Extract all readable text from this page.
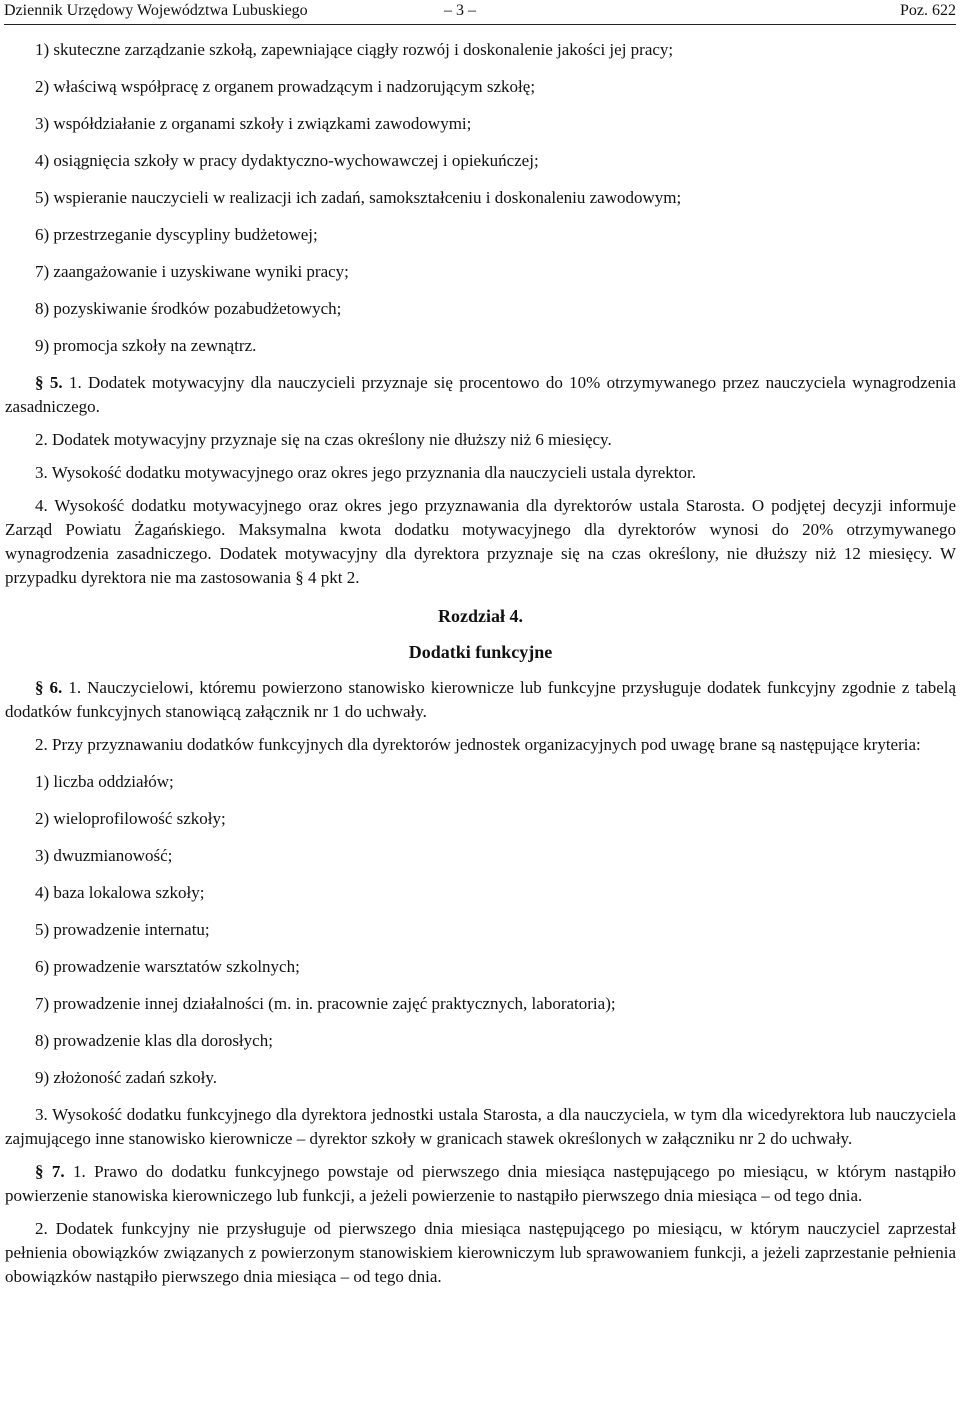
Dziennik Urzędowy Województwa Lubuskiego	– 3 –	Poz. 622

1) skuteczne zarządzanie szkołą, zapewniające ciągły rozwój i doskonalenie jakości jej pracy;

2) właściwą współpracę z organem prowadzącym i nadzorującym szkołę;

3) współdziałanie z organami szkoły i związkami zawodowymi;

4) osiągnięcia szkoły w pracy dydaktyczno-wychowawczej i opiekuńczej;

5) wspieranie nauczycieli w realizacji ich zadań, samokształceniu i doskonaleniu zawodowym;

6) przestrzeganie dyscypliny budżetowej;

7) zaangażowanie i uzyskiwane wyniki pracy;

8) pozyskiwanie środków pozabudżetowych;

9) promocja szkoły na zewnątrz.

§ 5. 1. Dodatek motywacyjny dla nauczycieli przyznaje się procentowo do 10% otrzymywanego przez nauczyciela wynagrodzenia zasadniczego.

2. Dodatek motywacyjny przyznaje się na czas określony nie dłuższy niż 6 miesięcy.

3. Wysokość dodatku motywacyjnego oraz okres jego przyznania dla nauczycieli ustala dyrektor.

4. Wysokość dodatku motywacyjnego oraz okres jego przyznawania dla dyrektorów ustala Starosta. O podjętej decyzji informuje Zarząd Powiatu Żagańskiego. Maksymalna kwota dodatku motywacyjnego dla dyrektorów wynosi do 20% otrzymywanego wynagrodzenia zasadniczego. Dodatek motywacyjny dla dyrektora przyznaje się na czas określony, nie dłuższy niż 12 miesięcy. W przypadku dyrektora nie ma zastosowania § 4 pkt 2.

Rozdział 4.

Dodatki funkcyjne

§ 6. 1. Nauczycielowi, któremu powierzono stanowisko kierownicze lub funkcyjne przysługuje dodatek funkcyjny zgodnie z tabelą dodatków funkcyjnych stanowiącą załącznik nr 1 do uchwały.

2. Przy przyznawaniu dodatków funkcyjnych dla dyrektorów jednostek organizacyjnych pod uwagę brane są następujące kryteria:

1) liczba oddziałów;

2) wieloprofilowość szkoły;

3) dwuzmianowość;

4) baza lokalowa szkoły;

5) prowadzenie internatu;

6) prowadzenie warsztatów szkolnych;

7) prowadzenie innej działalności (m. in. pracownie zajęć praktycznych, laboratoria);

8) prowadzenie klas dla dorosłych;

9) złożoność zadań szkoły.

3. Wysokość dodatku funkcyjnego dla dyrektora jednostki ustala Starosta, a dla nauczyciela, w tym dla wicedyrektora lub nauczyciela zajmującego inne stanowisko kierownicze – dyrektor szkoły w granicach stawek określonych w załączniku nr 2 do uchwały.

§ 7. 1. Prawo do dodatku funkcyjnego powstaje od pierwszego dnia miesiąca następującego po miesiącu, w którym nastąpiło powierzenie stanowiska kierowniczego lub funkcji, a jeżeli powierzenie to nastąpiło pierwszego dnia miesiąca – od tego dnia.

2. Dodatek funkcyjny nie przysługuje od pierwszego dnia miesiąca następującego po miesiącu, w którym nauczyciel zaprzestał pełnienia obowiązków związanych z powierzonym stanowiskiem kierowniczym lub sprawowaniem funkcji, a jeżeli zaprzestanie pełnienia obowiązków nastąpiło pierwszego dnia miesiąca – od tego dnia.
